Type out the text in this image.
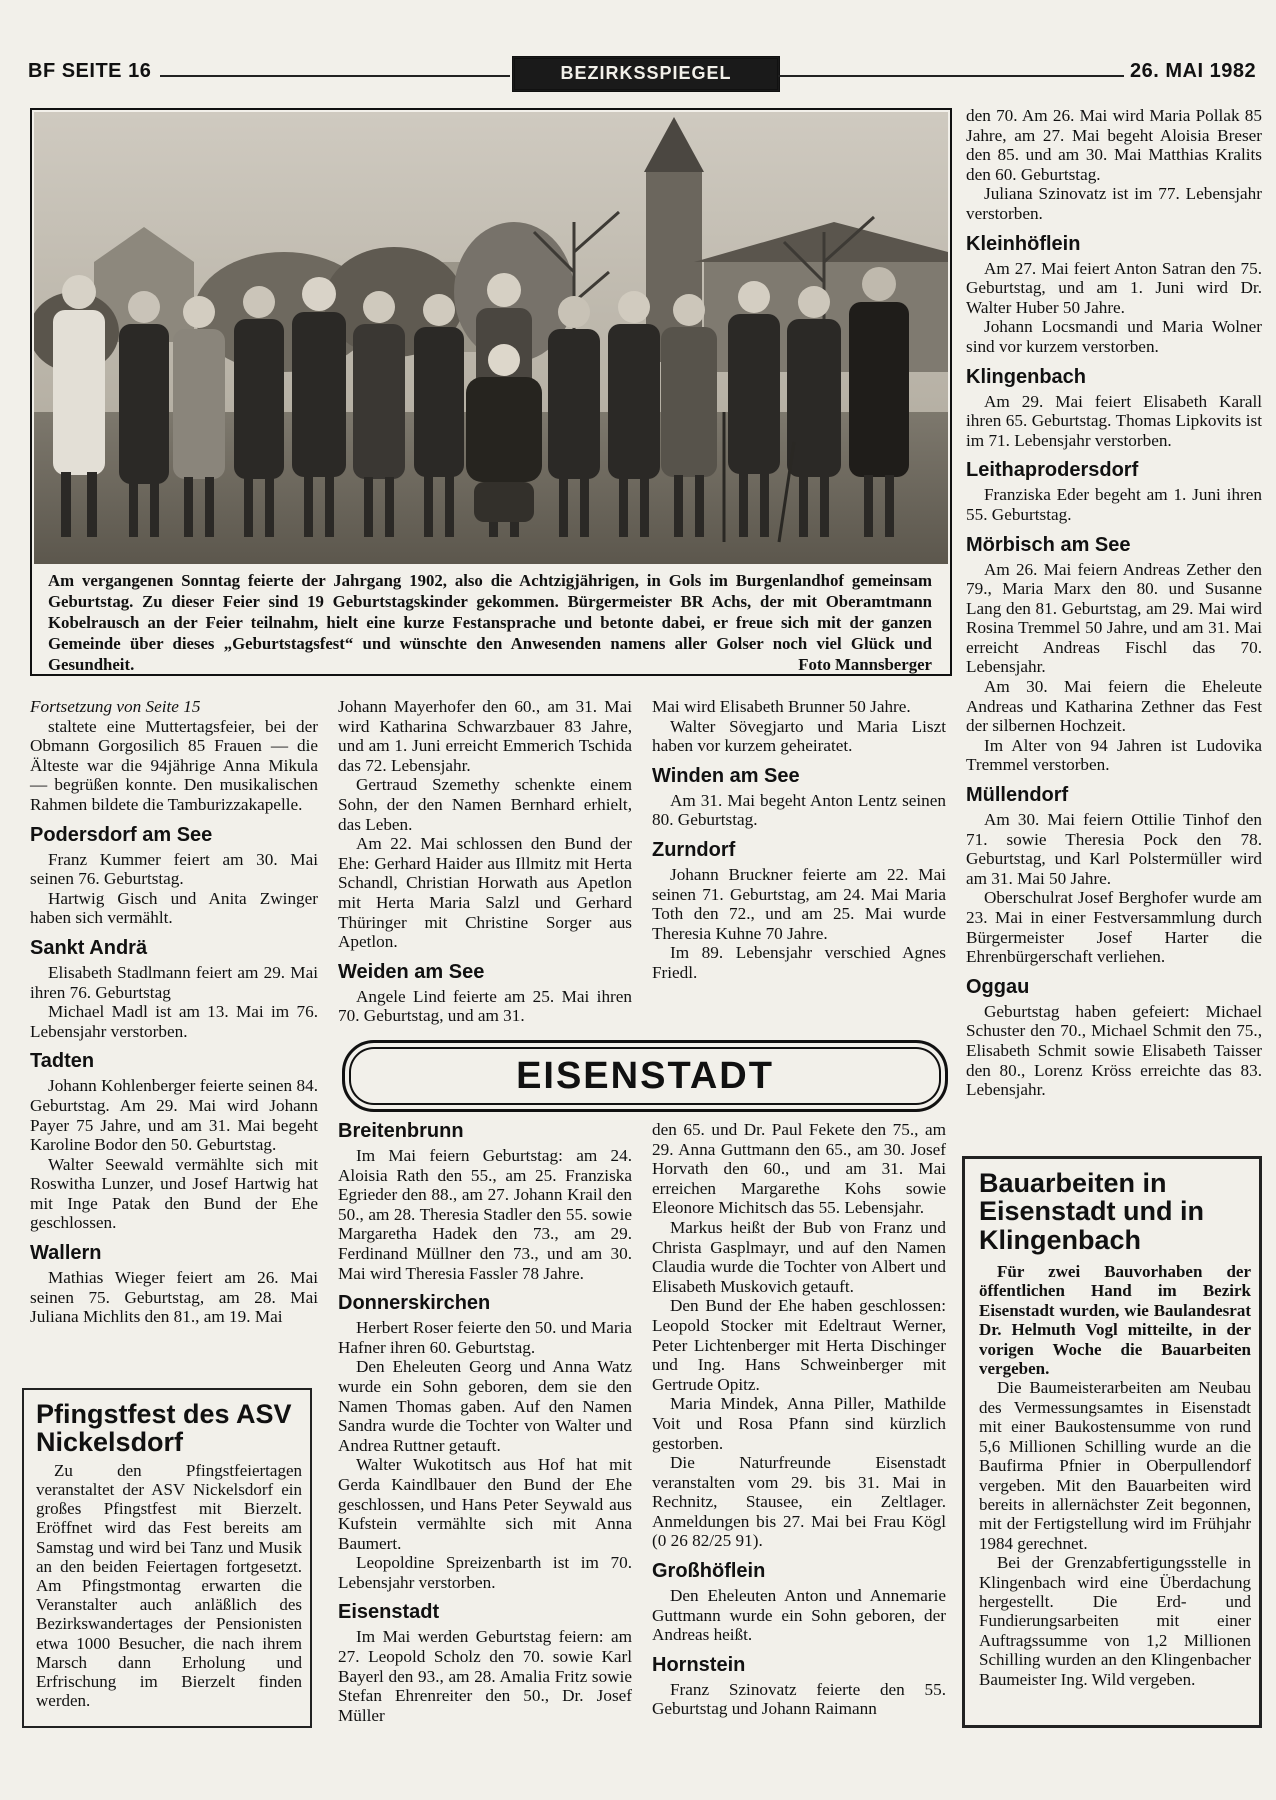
BF SEITE 16	BEZIRKSSPIEGEL	26. MAI 1982
Am vergangenen Sonntag feierte der Jahrgang 1902, also die Achtzigjährigen, in Gols im Burgenlandhof gemeinsam Geburtstag. Zu dieser Feier sind 19 Geburtstagskinder gekommen. Bürgermeister BR Achs, der mit Oberamtmann Kobelrausch an der Feier teilnahm, hielt eine kurze Festansprache und betonte dabei, er freue sich mit der ganzen Gemeinde über dieses „Geburtstagsfest“ und wünschte den Anwesenden namens aller Golser noch viel Glück und Gesundheit.	Foto Mannsberger

den 70. Am 26. Mai wird Maria Pollak 85 Jahre, am 27. Mai begeht Aloisia Breser den 85. und am 30. Mai Matthias Kralits den 60. Geburtstag.

Juliana Szinovatz ist im 77. Lebensjahr verstorben.

Kleinhöflein

Am 27. Mai feiert Anton Satran den 75. Geburtstag, und am 1. Juni wird Dr. Walter Huber 50 Jahre.

Johann Locsmandi und Maria Wolner sind vor kurzem verstorben.

Klingenbach

Am 29. Mai feiert Elisabeth Karall ihren 65. Geburtstag. Thomas Lipkovits ist im 71. Lebensjahr verstorben.

Leithaprodersdorf

Franziska Eder begeht am 1. Juni ihren 55. Geburtstag.

Mörbisch am See

Am 26. Mai feiern Andreas Zether den 79., Maria Marx den 80. und Susanne Lang den 81. Geburtstag, am 29. Mai wird Rosina Tremmel 50 Jahre, und am 31. Mai erreicht Andreas Fischl das 70. Lebensjahr.

Am 30. Mai feiern die Eheleute Andreas und Katharina Zethner das Fest der silbernen Hochzeit.

Im Alter von 94 Jahren ist Ludovika Tremmel verstorben.

Müllendorf

Am 30. Mai feiern Ottilie Tinhof den 71. sowie Theresia Pock den 78. Geburtstag, und Karl Polstermüller wird am 31. Mai 50 Jahre.

Oberschulrat Josef Berghofer wurde am 23. Mai in einer Festversammlung durch Bürgermeister Josef Harter die Ehrenbürgerschaft verliehen.

Oggau

Geburtstag haben gefeiert: Michael Schuster den 70., Michael Schmit den 75., Elisabeth Schmit sowie Elisabeth Taisser den 80., Lorenz Kröss erreichte das 83. Lebensjahr.

Fortsetzung von Seite 15

staltete eine Muttertagsfeier, bei der Obmann Gorgosilich 85 Frauen — die Älteste war die 94jährige Anna Mikula — begrüßen konnte. Den musikalischen Rahmen bildete die Tamburizzakapelle.

Podersdorf am See

Franz Kummer feiert am 30. Mai seinen 76. Geburtstag.

Hartwig Gisch und Anita Zwinger haben sich vermählt.

Sankt Andrä

Elisabeth Stadlmann feiert am 29. Mai ihren 76. Geburtstag

Michael Madl ist am 13. Mai im 76. Lebensjahr verstorben.

Tadten

Johann Kohlenberger feierte seinen 84. Geburtstag. Am 29. Mai wird Johann Payer 75 Jahre, und am 31. Mai begeht Karoline Bodor den 50. Geburtstag.

Walter Seewald vermählte sich mit Roswitha Lunzer, und Josef Hartwig hat mit Inge Patak den Bund der Ehe geschlossen.

Wallern

Mathias Wieger feiert am 26. Mai seinen 75. Geburtstag, am 28. Mai Juliana Michlits den 81., am 19. Mai

Johann Mayerhofer den 60., am 31. Mai wird Katharina Schwarzbauer 83 Jahre, und am 1. Juni erreicht Emmerich Tschida das 72. Lebensjahr.

Gertraud Szemethy schenkte einem Sohn, der den Namen Bernhard erhielt, das Leben.

Am 22. Mai schlossen den Bund der Ehe: Gerhard Haider aus Illmitz mit Herta Schandl, Christian Horwath aus Apetlon mit Herta Maria Salzl und Gerhard Thüringer mit Christine Sorger aus Apetlon.

Weiden am See

Angele Lind feierte am 25. Mai ihren 70. Geburtstag, und am 31.

Mai wird Elisabeth Brunner 50 Jahre.

Walter Sövegjarto und Maria Liszt haben vor kurzem geheiratet.

Winden am See

Am 31. Mai begeht Anton Lentz seinen 80. Geburtstag.

Zurndorf

Johann Bruckner feierte am 22. Mai seinen 71. Geburtstag, am 24. Mai Maria Toth den 72., und am 25. Mai wurde Theresia Kuhne 70 Jahre.

Im 89. Lebensjahr verschied Agnes Friedl.

EISENSTADT
Pfingstfest des ASV Nickelsdorf
Zu den Pfingstfeiertagen veranstaltet der ASV Nickelsdorf ein großes Pfingstfest mit Bierzelt. Eröffnet wird das Fest bereits am Samstag und wird bei Tanz und Musik an den beiden Feiertagen fortgesetzt. Am Pfingstmontag erwarten die Veranstalter auch anläßlich des Bezirkswandertages der Pensionisten etwa 1000 Besucher, die nach ihrem Marsch dann Erholung und Erfrischung im Bierzelt finden werden.
Breitenbrunn

Im Mai feiern Geburtstag: am 24. Aloisia Rath den 55., am 25. Franziska Egrieder den 88., am 27. Johann Krail den 50., am 28. Theresia Stadler den 55. sowie Margaretha Hadek den 73., am 29. Ferdinand Müllner den 73., und am 30. Mai wird Theresia Fassler 78 Jahre.

Donnerskirchen

Herbert Roser feierte den 50. und Maria Hafner ihren 60. Geburtstag.

Den Eheleuten Georg und Anna Watz wurde ein Sohn geboren, dem sie den Namen Thomas gaben. Auf den Namen Sandra wurde die Tochter von Walter und Andrea Ruttner getauft.

Walter Wukotitsch aus Hof hat mit Gerda Kaindlbauer den Bund der Ehe geschlossen, und Hans Peter Seywald aus Kufstein vermählte sich mit Anna Baumert.

Leopoldine Spreizenbarth ist im 70. Lebensjahr verstorben.

Eisenstadt

Im Mai werden Geburtstag feiern: am 27. Leopold Scholz den 70. sowie Karl Bayerl den 93., am 28. Amalia Fritz sowie Stefan Ehrenreiter den 50., Dr. Josef Müller

den 65. und Dr. Paul Fekete den 75., am 29. Anna Guttmann den 65., am 30. Josef Horvath den 60., und am 31. Mai erreichen Margarethe Kohs sowie Eleonore Michitsch das 55. Lebensjahr.

Markus heißt der Bub von Franz und Christa Gasplmayr, und auf den Namen Claudia wurde die Tochter von Albert und Elisabeth Muskovich getauft.

Den Bund der Ehe haben geschlossen: Leopold Stocker mit Edeltraut Werner, Peter Lichtenberger mit Herta Dischinger und Ing. Hans Schweinberger mit Gertrude Opitz.

Maria Mindek, Anna Piller, Mathilde Voit und Rosa Pfann sind kürzlich gestorben.

Die Naturfreunde Eisenstadt veranstalten vom 29. bis 31. Mai in Rechnitz, Stausee, ein Zeltlager. Anmeldungen bis 27. Mai bei Frau Kögl (0 26 82/25 91).

Großhöflein

Den Eheleuten Anton und Annemarie Guttmann wurde ein Sohn geboren, der Andreas heißt.

Hornstein

Franz Szinovatz feierte den 55. Geburtstag und Johann Raimann

Bauarbeiten in Eisenstadt und in Klingenbach
Für zwei Bauvorhaben der öffentlichen Hand im Bezirk Eisenstadt wurden, wie Baulandesrat Dr. Helmuth Vogl mitteilte, in der vorigen Woche die Bauarbeiten vergeben.
Die Baumeisterarbeiten am Neubau des Vermessungsamtes in Eisenstadt mit einer Baukostensumme von rund 5,6 Millionen Schilling wurde an die Baufirma Pfnier in Oberpullendorf vergeben. Mit den Bauarbeiten wird bereits in allernächster Zeit begonnen, mit der Fertigstellung wird im Frühjahr 1984 gerechnet.
Bei der Grenzabfertigungsstelle in Klingenbach wird eine Überdachung hergestellt. Die Erd- und Fundierungsarbeiten mit einer Auftragssumme von 1,2 Millionen Schilling wurden an den Klingenbacher Baumeister Ing. Wild vergeben.
